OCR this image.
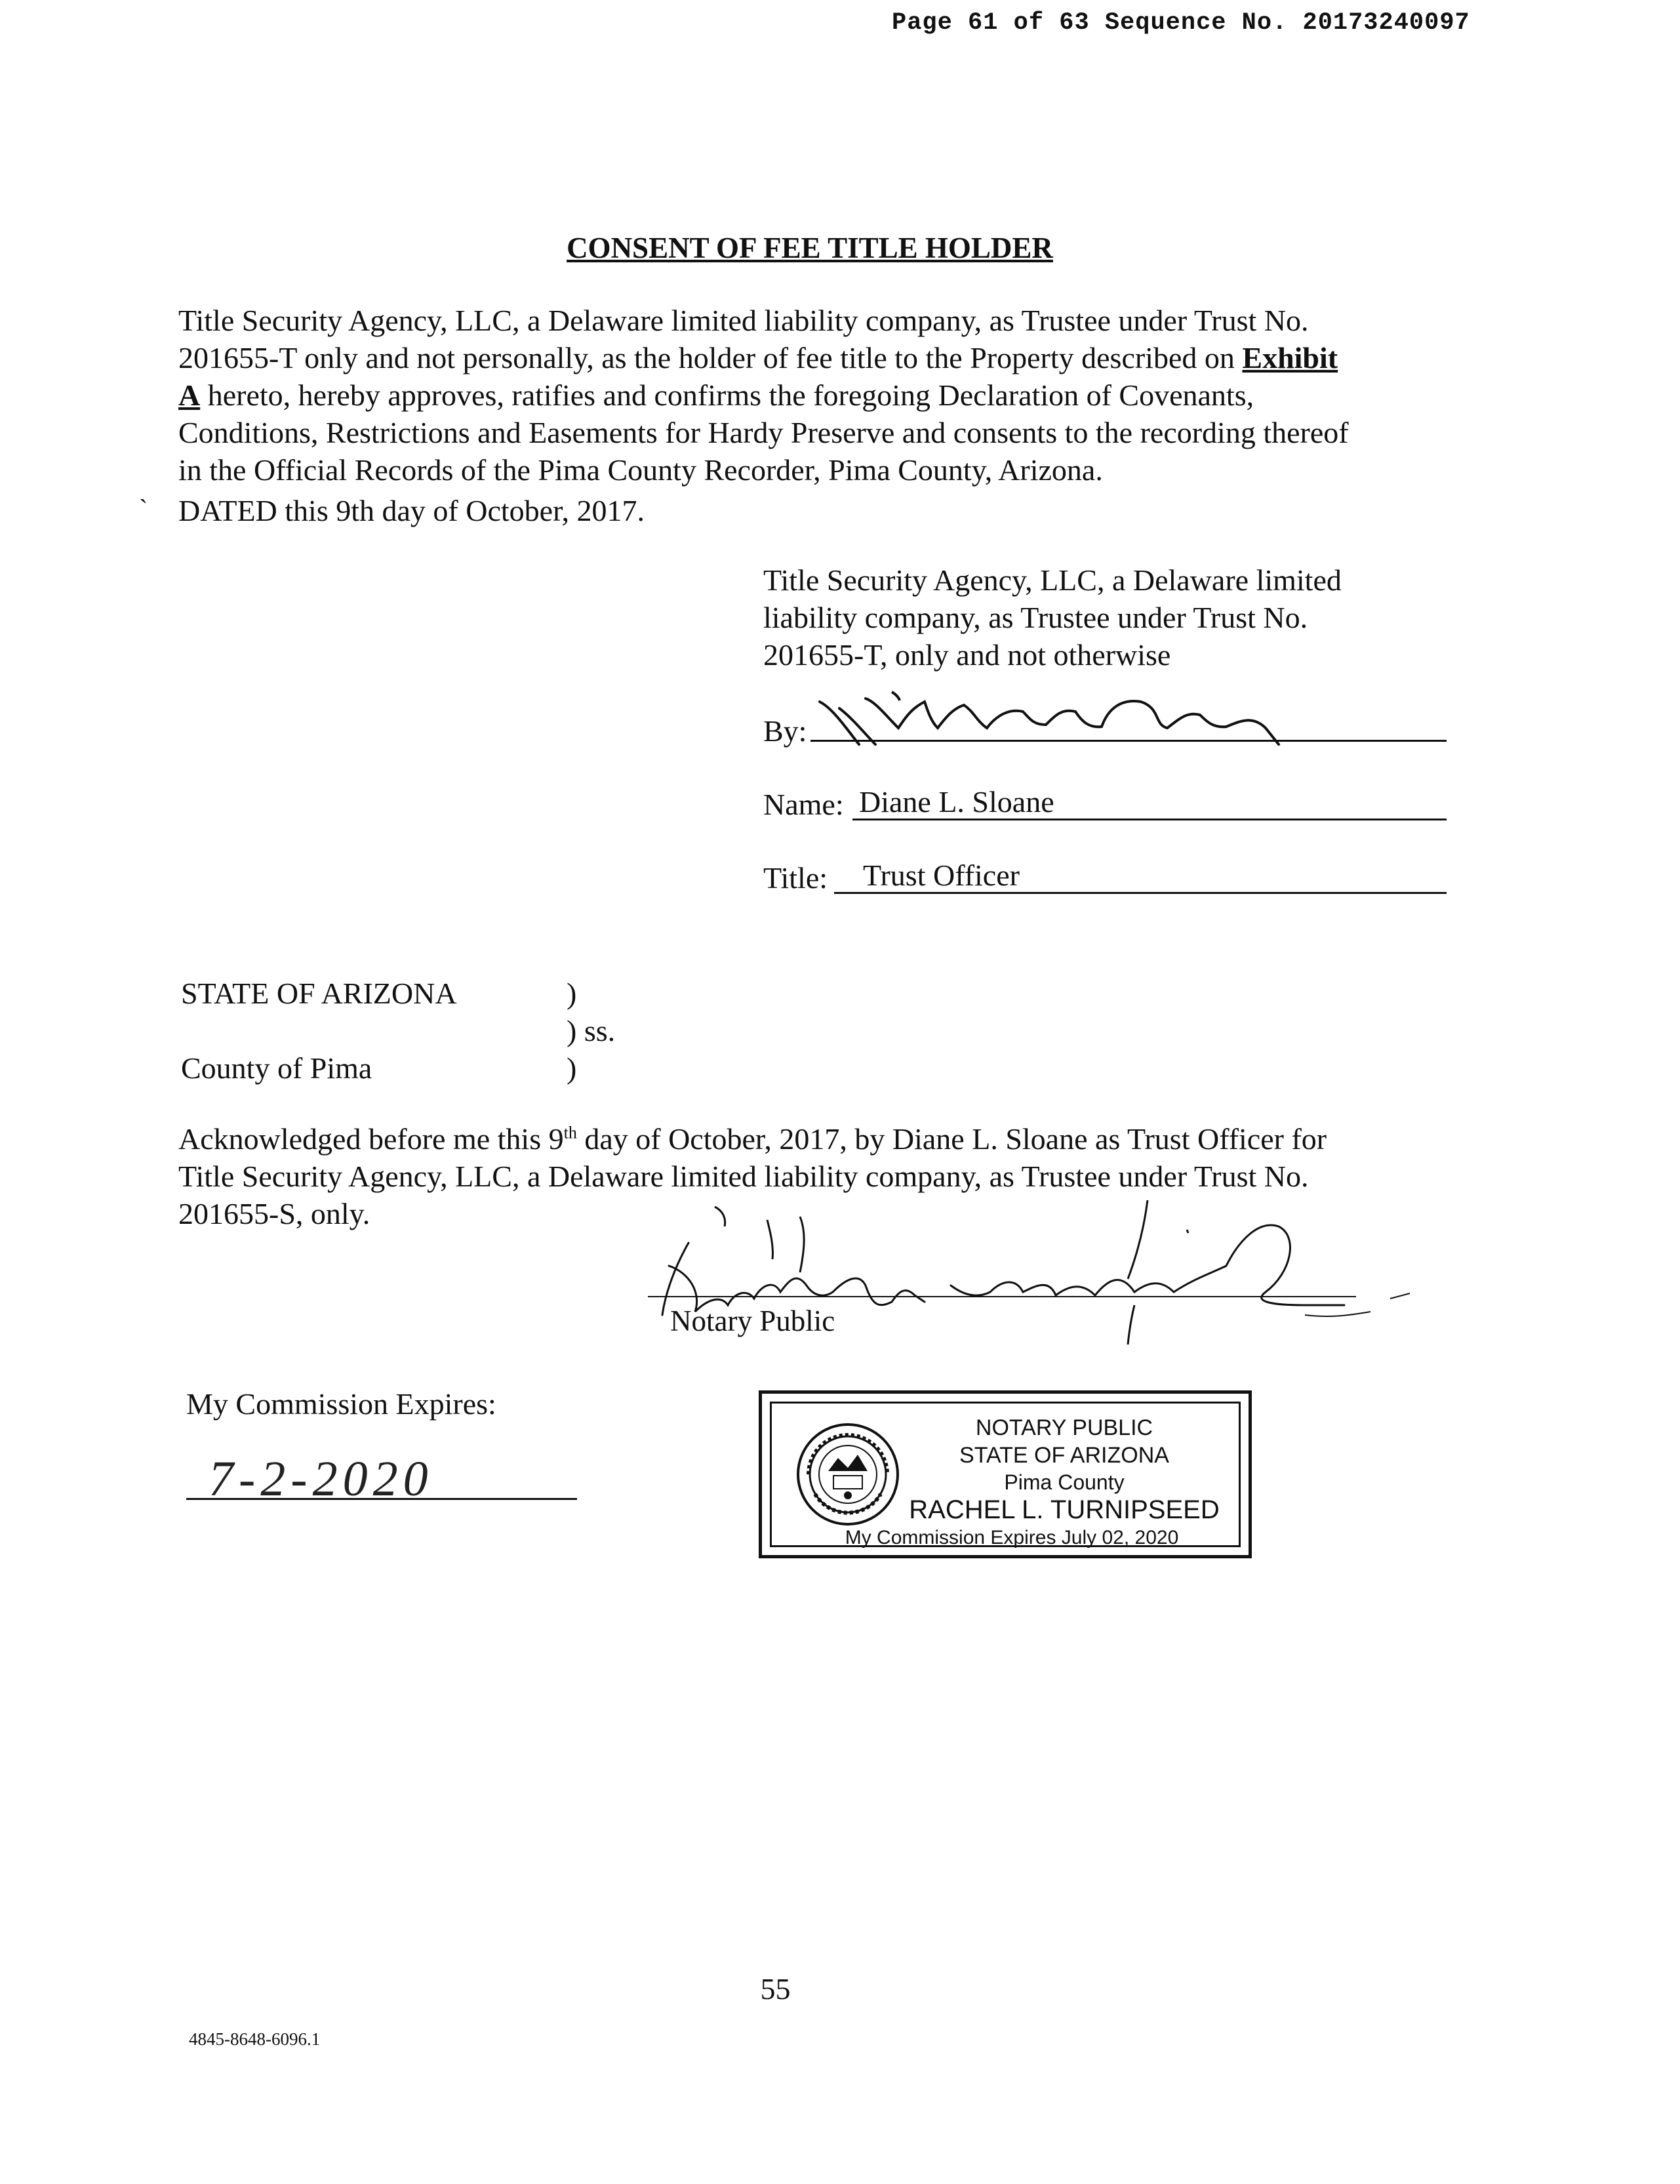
Page 61 of 63 Sequence No. 20173240097
CONSENT OF FEE TITLE HOLDER
Title Security Agency, LLC, a Delaware limited liability company, as Trustee under Trust No.
201655-T only and not personally, as the holder of fee title to the Property described on Exhibit
A hereto, hereby approves, ratifies and confirms the foregoing Declaration of Covenants,
Conditions, Restrictions and Easements for Hardy Preserve and consents to the recording thereof
in the Official Records of the Pima County Recorder, Pima County, Arizona.
` DATED this 9th day of October, 2017.
Title Security Agency, LLC, a Delaware limited
liability company, as Trustee under Trust No.
201655-T, only and not otherwise
By:
Name: Diane L. Sloane
Title: Trust Officer
STATE OF ARIZONA	)
) ss.
County of Pima	)
Acknowledged before me this 9th day of October, 2017, by Diane L. Sloane as Trust Officer for
Title Security Agency, LLC, a Delaware limited liability company, as Trustee under Trust No.
201655-S, only.
Notary Public
My Commission Expires:
7-2-2020
NOTARY PUBLIC
STATE OF ARIZONA
Pima County
RACHEL L. TURNIPSEED
My Commission Expires July 02, 2020
55
4845-8648-6096.1
